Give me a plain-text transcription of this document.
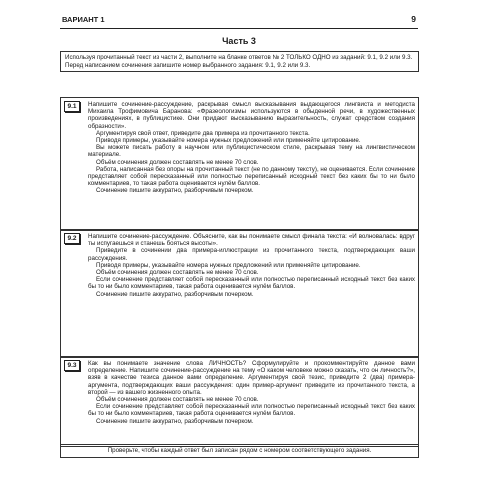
ВАРИАНТ 1	9
Часть 3
Используя прочитанный текст из части 2, выполните на бланке ответов № 2 ТОЛЬКО ОДНО из заданий: 9.1, 9.2 или 9.3. Перед написанием сочинения запишите номер выбранного задания: 9.1, 9.2 или 9.3.
9.1	Напишите сочинение-рассуждение, раскрывая смысл высказывания выдающегося лингвиста и методиста Михаила Трофимовича Баранова: «Фразеологизмы используются в обыденной речи, в художественных произведениях, в публицистике. Они придают высказыванию выразительность, служат средством создания образности».

Аргументируя свой ответ, приведите два примера из прочитанного текста.

Приводя примеры, указывайте номера нужных предложений или применяйте цитирование.

Вы можете писать работу в научном или публицистическом стиле, раскрывая тему на лингвистическом материале.

Объём сочинения должен составлять не менее 70 слов.

Работа, написанная без опоры на прочитанный текст (не по данному тексту), не оценивается. Если сочинение представляет собой пересказанный или полностью переписанный исходный текст без каких бы то ни было комментариев, то такая работа оценивается нулём баллов.

Сочинение пишите аккуратно, разборчивым почерком.

9.2	Напишите сочинение-рассуждение. Объясните, как вы понимаете смысл финала текста: «И волновалась: вдруг ты испугаешься и станешь бояться высоты».

Приведите в сочинении два примера-иллюстрации из прочитанного текста, подтверждающих ваши рассуждения.

Приводя примеры, указывайте номера нужных предложений или применяйте цитирование.

Объём сочинения должен составлять не менее 70 слов.

Если сочинение представляет собой пересказанный или полностью переписанный исходный текст без каких бы то ни было комментариев, такая работа оценивается нулём баллов.

Сочинение пишите аккуратно, разборчивым почерком.

9.3	Как вы понимаете значение слова ЛИЧНОСТЬ? Сформулируйте и прокомментируйте данное вами определение. Напишите сочинение-рассуждение на тему «О каком человеке можно сказать, что он личность?», взяв в качестве тезиса данное вами определение. Аргументируя свой тезис, приведите 2 (два) примера-аргумента, подтверждающих ваши рассуждения: один пример-аргумент приведите из прочитанного текста, а второй — из вашего жизненного опыта.

Объём сочинения должен составлять не менее 70 слов.

Если сочинение представляет собой пересказанный или полностью переписанный исходный текст без каких бы то ни было комментариев, такая работа оценивается нулём баллов.

Сочинение пишите аккуратно, разборчивым почерком.

Проверьте, чтобы каждый ответ был записан рядом с номером соответствующего задания.
